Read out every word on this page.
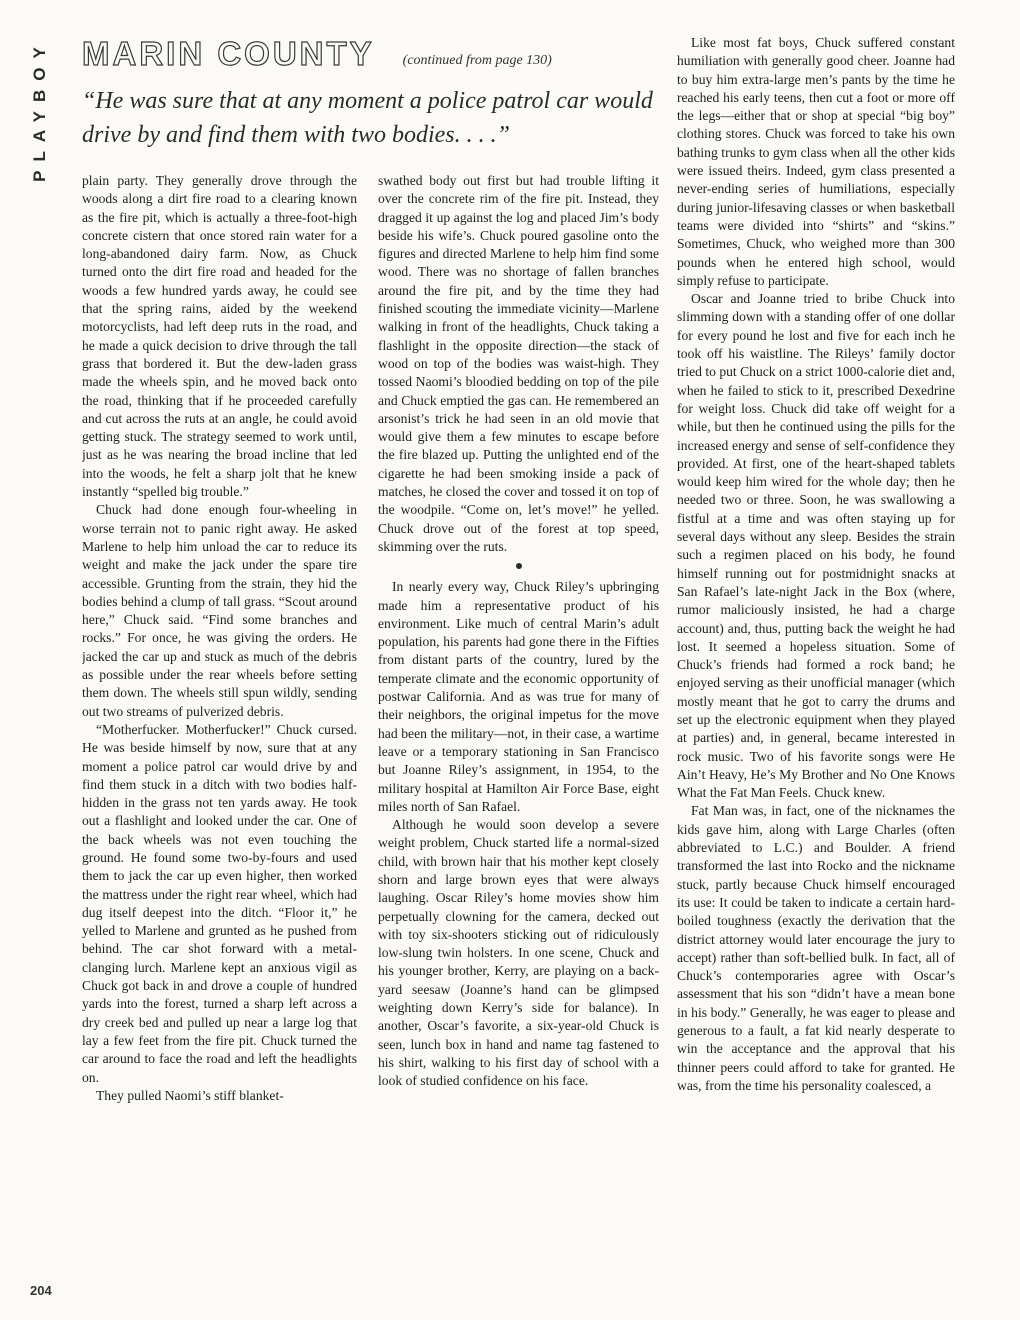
PLAYBOY MARIN COUNTY (continued from page 130)

“He was sure that at any moment a police patrol car would drive by and find them with two bodies. . . .”

plain party. They generally drove through the woods along a dirt fire road to a clearing known as the fire pit, which is actually a three-foot-high concrete cistern that once stored rain water for a long-abandoned dairy farm. Now, as Chuck turned onto the dirt fire road and headed for the woods a few hundred yards away, he could see that the spring rains, aided by the weekend motorcyclists, had left deep ruts in the road, and he made a quick decision to drive through the tall grass that bordered it. But the dew-laden grass made the wheels spin, and he moved back onto the road, thinking that if he proceeded carefully and cut across the ruts at an angle, he could avoid getting stuck. The strategy seemed to work until, just as he was nearing the broad incline that led into the woods, he felt a sharp jolt that he knew instantly “spelled big trouble.”

Chuck had done enough four-wheeling in worse terrain not to panic right away. He asked Marlene to help him unload the car to reduce its weight and make the jack under the spare tire accessible. Grunting from the strain, they hid the bodies behind a clump of tall grass. “Scout around here,” Chuck said. “Find some branches and rocks.” For once, he was giving the orders. He jacked the car up and stuck as much of the debris as possible under the rear wheels before setting them down. The wheels still spun wildly, sending out two streams of pulverized debris.

“Motherfucker. Motherfucker!” Chuck cursed. He was beside himself by now, sure that at any moment a police patrol car would drive by and find them stuck in a ditch with two bodies half-hidden in the grass not ten yards away. He took out a flashlight and looked under the car. One of the back wheels was not even touching the ground. He found some two-by-fours and used them to jack the car up even higher, then worked the mattress under the right rear wheel, which had dug itself deepest into the ditch. “Floor it,” he yelled to Marlene and grunted as he pushed from behind. The car shot forward with a metal-clanging lurch. Marlene kept an anxious vigil as Chuck got back in and drove a couple of hundred yards into the forest, turned a sharp left across a dry creek bed and pulled up near a large log that lay a few feet from the fire pit. Chuck turned the car around to face the road and left the headlights on.

They pulled Naomi’s stiff blanket-

swathed body out first but had trouble lifting it over the concrete rim of the fire pit. Instead, they dragged it up against the log and placed Jim’s body beside his wife’s. Chuck poured gasoline onto the figures and directed Marlene to help him find some wood. There was no shortage of fallen branches around the fire pit, and by the time they had finished scouting the immediate vicinity—Marlene walking in front of the headlights, Chuck taking a flashlight in the opposite direction—the stack of wood on top of the bodies was waist-high. They tossed Naomi’s bloodied bedding on top of the pile and Chuck emptied the gas can. He remembered an arsonist’s trick he had seen in an old movie that would give them a few minutes to escape before the fire blazed up. Putting the unlighted end of the cigarette he had been smoking inside a pack of matches, he closed the cover and tossed it on top of the woodpile. “Come on, let’s move!” he yelled. Chuck drove out of the forest at top speed, skimming over the ruts.

In nearly every way, Chuck Riley’s upbringing made him a representative product of his environment. Like much of central Marin’s adult population, his parents had gone there in the Fifties from distant parts of the country, lured by the temperate climate and the economic opportunity of postwar California. And as was true for many of their neighbors, the original impetus for the move had been the military—not, in their case, a wartime leave or a temporary stationing in San Francisco but Joanne Riley’s assignment, in 1954, to the military hospital at Hamilton Air Force Base, eight miles north of San Rafael.

Although he would soon develop a severe weight problem, Chuck started life a normal-sized child, with brown hair that his mother kept closely shorn and large brown eyes that were always laughing. Oscar Riley’s home movies show him perpetually clowning for the camera, decked out with toy six-shooters sticking out of ridiculously low-slung twin holsters. In one scene, Chuck and his younger brother, Kerry, are playing on a back-yard seesaw (Joanne’s hand can be glimpsed weighting down Kerry’s side for balance). In another, Oscar’s favorite, a six-year-old Chuck is seen, lunch box in hand and name tag fastened to his shirt, walking to his first day of school with a look of studied confidence on his face.

Like most fat boys, Chuck suffered constant humiliation with generally good cheer. Joanne had to buy him extra-large men’s pants by the time he reached his early teens, then cut a foot or more off the legs—either that or shop at special “big boy” clothing stores. Chuck was forced to take his own bathing trunks to gym class when all the other kids were issued theirs. Indeed, gym class presented a never-ending series of humiliations, especially during junior-lifesaving classes or when basketball teams were divided into “shirts” and “skins.” Sometimes, Chuck, who weighed more than 300 pounds when he entered high school, would simply refuse to participate.

Oscar and Joanne tried to bribe Chuck into slimming down with a standing offer of one dollar for every pound he lost and five for each inch he took off his waistline. The Rileys’ family doctor tried to put Chuck on a strict 1000-calorie diet and, when he failed to stick to it, prescribed Dexedrine for weight loss. Chuck did take off weight for a while, but then he continued using the pills for the increased energy and sense of self-confidence they provided. At first, one of the heart-shaped tablets would keep him wired for the whole day; then he needed two or three. Soon, he was swallowing a fistful at a time and was often staying up for several days without any sleep. Besides the strain such a regimen placed on his body, he found himself running out for postmidnight snacks at San Rafael’s late-night Jack in the Box (where, rumor maliciously insisted, he had a charge account) and, thus, putting back the weight he had lost. It seemed a hopeless situation. Some of Chuck’s friends had formed a rock band; he enjoyed serving as their unofficial manager (which mostly meant that he got to carry the drums and set up the electronic equipment when they played at parties) and, in general, became interested in rock music. Two of his favorite songs were He Ain’t Heavy, He’s My Brother and No One Knows What the Fat Man Feels. Chuck knew.

Fat Man was, in fact, one of the nicknames the kids gave him, along with Large Charles (often abbreviated to L.C.) and Boulder. A friend transformed the last into Rocko and the nickname stuck, partly because Chuck himself encouraged its use: It could be taken to indicate a certain hard-boiled toughness (exactly the derivation that the district attorney would later encourage the jury to accept) rather than soft-bellied bulk. In fact, all of Chuck’s contemporaries agree with Oscar’s assessment that his son “didn’t have a mean bone in his body.” Generally, he was eager to please and generous to a fault, a fat kid nearly desperate to win the acceptance and the approval that his thinner peers could afford to take for granted. He was, from the time his personality coalesced, a

204
